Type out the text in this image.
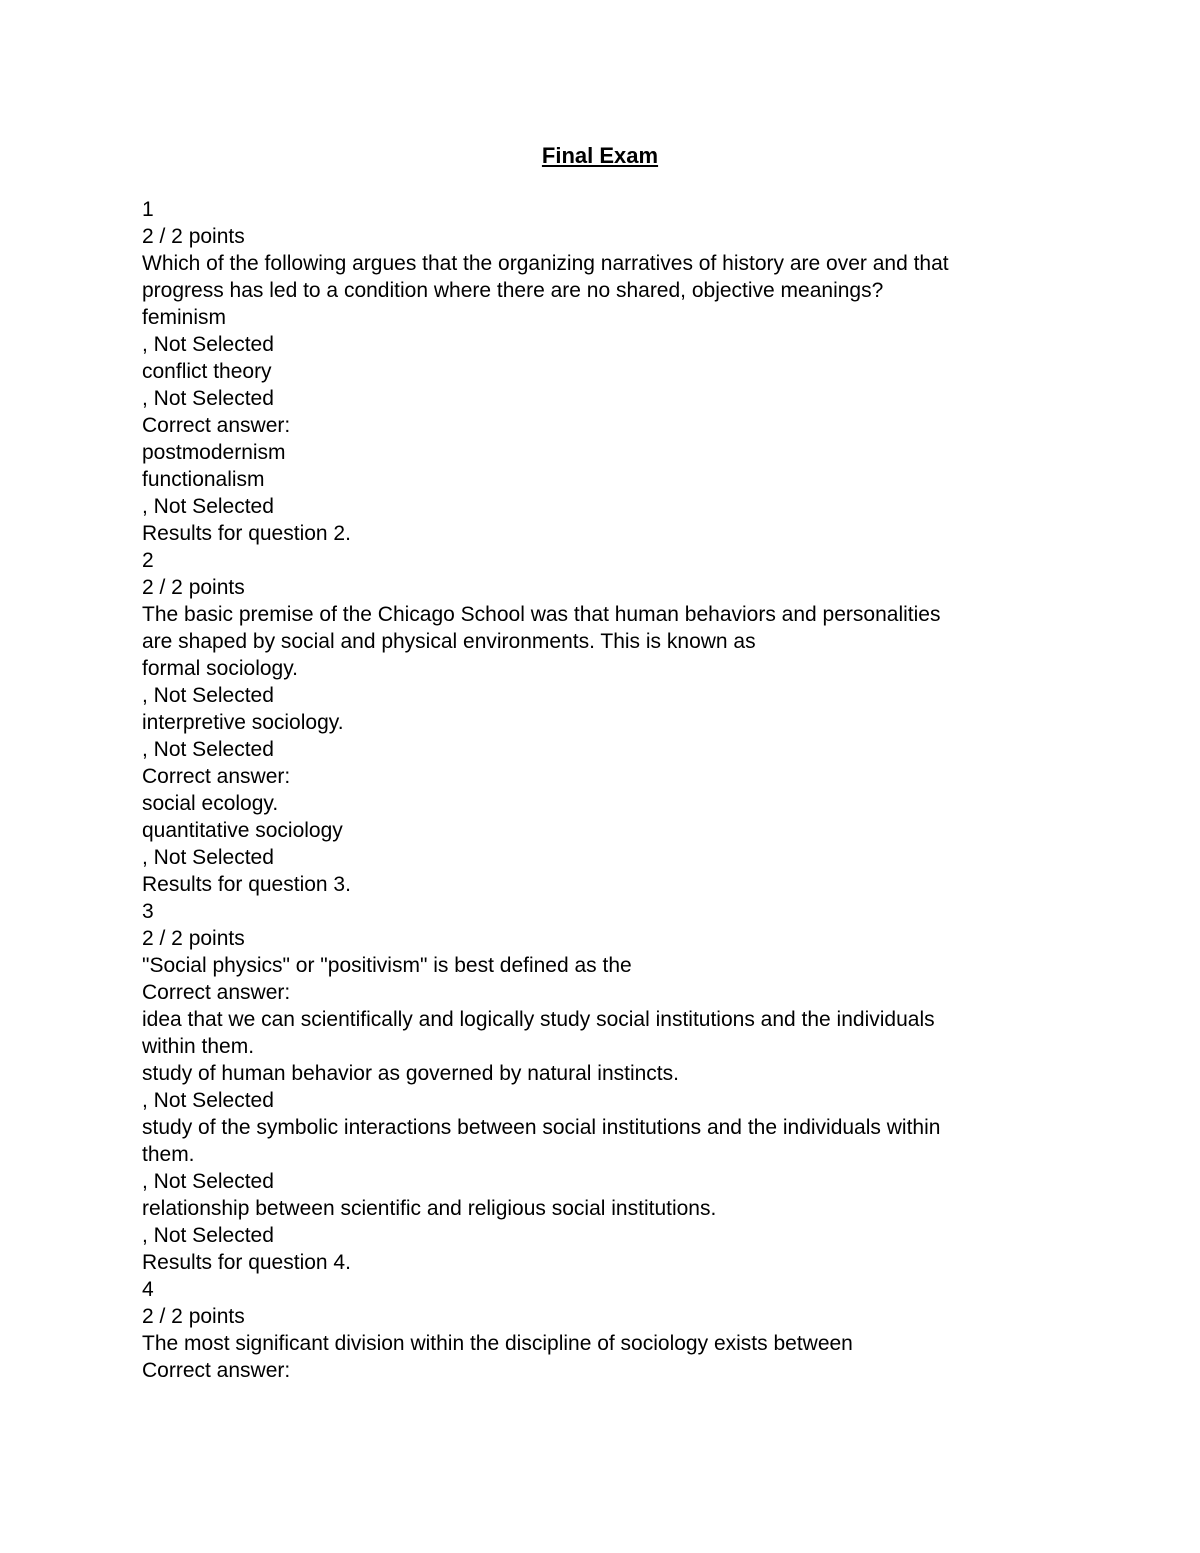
Final Exam
1
2 / 2 points
Which of the following argues that the organizing narratives of history are over and that
progress has led to a condition where there are no shared, objective meanings?
feminism
, Not Selected
conflict theory
, Not Selected
Correct answer:
postmodernism
functionalism
, Not Selected
Results for question 2.
2
2 / 2 points
The basic premise of the Chicago School was that human behaviors and personalities
are shaped by social and physical environments. This is known as
formal sociology.
, Not Selected
interpretive sociology.
, Not Selected
Correct answer:
social ecology.
quantitative sociology
, Not Selected
Results for question 3.
3
2 / 2 points
"Social physics" or "positivism" is best defined as the
Correct answer:
idea that we can scientifically and logically study social institutions and the individuals
within them.
study of human behavior as governed by natural instincts.
, Not Selected
study of the symbolic interactions between social institutions and the individuals within
them.
, Not Selected
relationship between scientific and religious social institutions.
, Not Selected
Results for question 4.
4
2 / 2 points
The most significant division within the discipline of sociology exists between
Correct answer:
